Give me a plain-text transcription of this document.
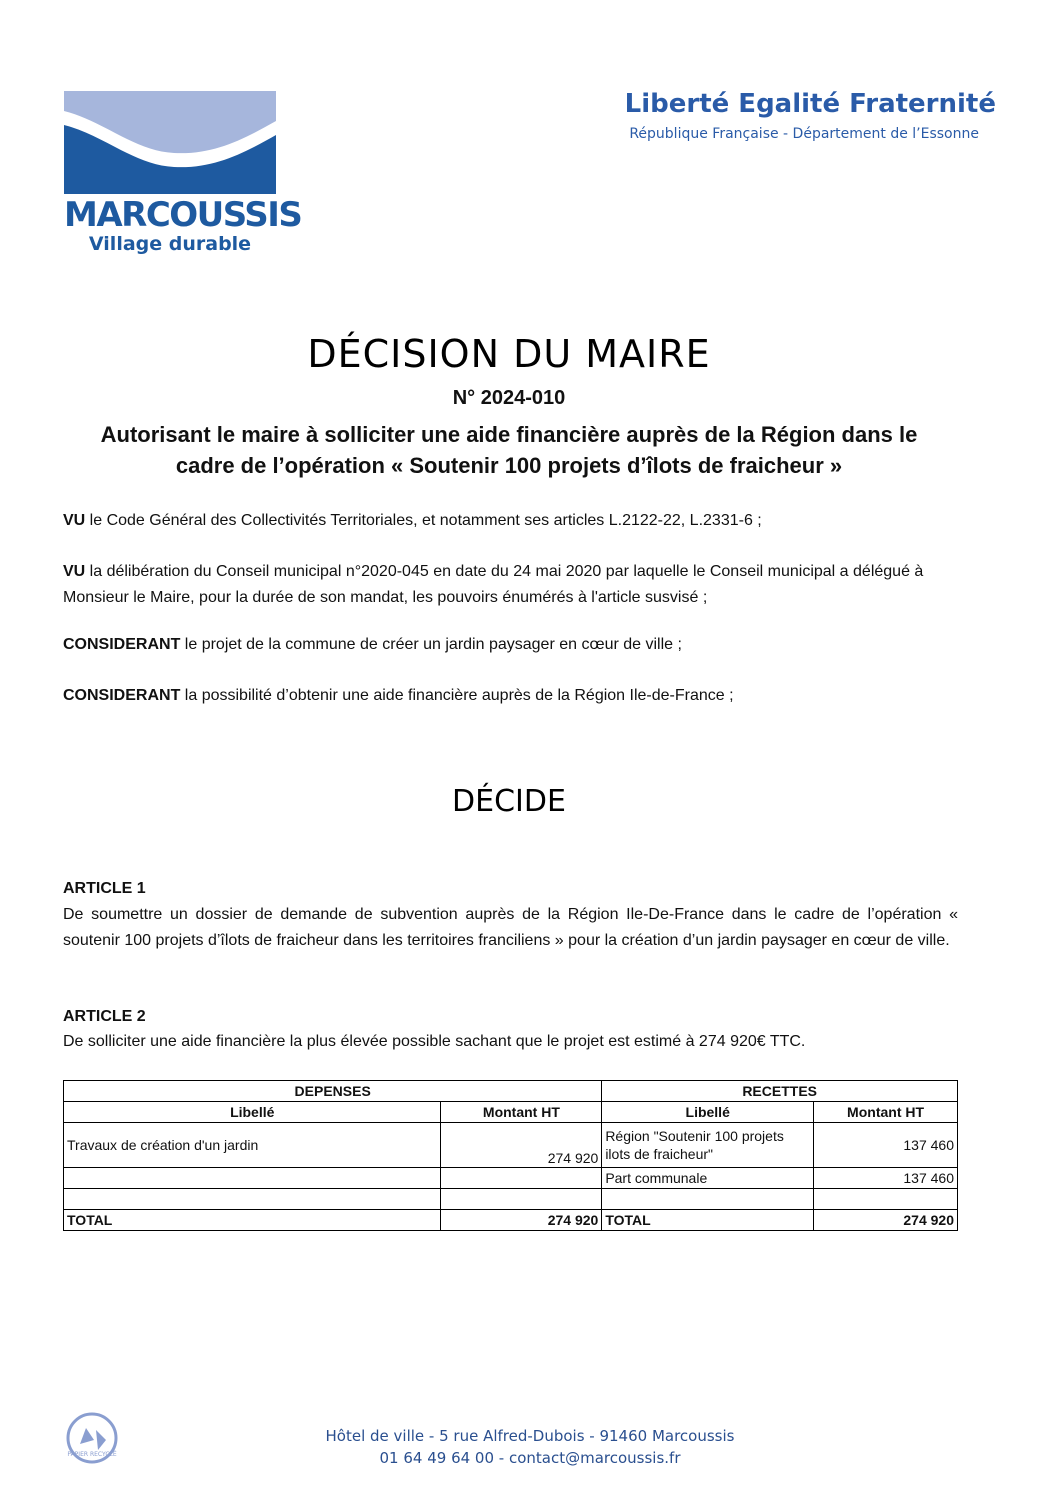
MARCOUSSIS
Village durable
Liberté Egalité Fraternité
République Française - Département de l’Essonne
DÉCISION DU MAIRE
N° 2024-010
Autorisant le maire à solliciter une aide financière auprès de la Région dans le
cadre de l’opération « Soutenir 100 projets d’îlots de fraicheur »
VU le Code Général des Collectivités Territoriales, et notamment ses articles L.2122-22, L.2331-6 ;
VU la délibération du Conseil municipal n°2020-045 en date du 24 mai 2020 par laquelle le Conseil municipal a délégué à Monsieur le Maire, pour la durée de son mandat, les pouvoirs énumérés à l'article susvisé ;
CONSIDERANT le projet de la commune de créer un jardin paysager en cœur de ville ;
CONSIDERANT la possibilité d’obtenir une aide financière auprès de la Région Ile-de-France ;
DÉCIDE
ARTICLE 1
De soumettre un dossier de demande de subvention auprès de la Région Ile-De-France dans le cadre de l’opération « soutenir 100 projets d’îlots de fraicheur dans les territoires franciliens » pour la création d’un jardin paysager en cœur de ville.
ARTICLE 2
De solliciter une aide financière la plus élevée possible sachant que le projet est estimé à 274 920€ TTC.
DEPENSES		RECETTES	
Libellé	Montant HT	Libellé	Montant HT
Travaux de création d'un jardin	274 920	Région "Soutenir 100 projets ilots de fraicheur"	137 460
		Part communale	137 460

TOTAL	274 920	TOTAL	274 920
PAPIER RECYCLÉ
Hôtel de ville - 5 rue Alfred-Dubois - 91460 Marcoussis
01 64 49 64 00 - contact@marcoussis.fr
